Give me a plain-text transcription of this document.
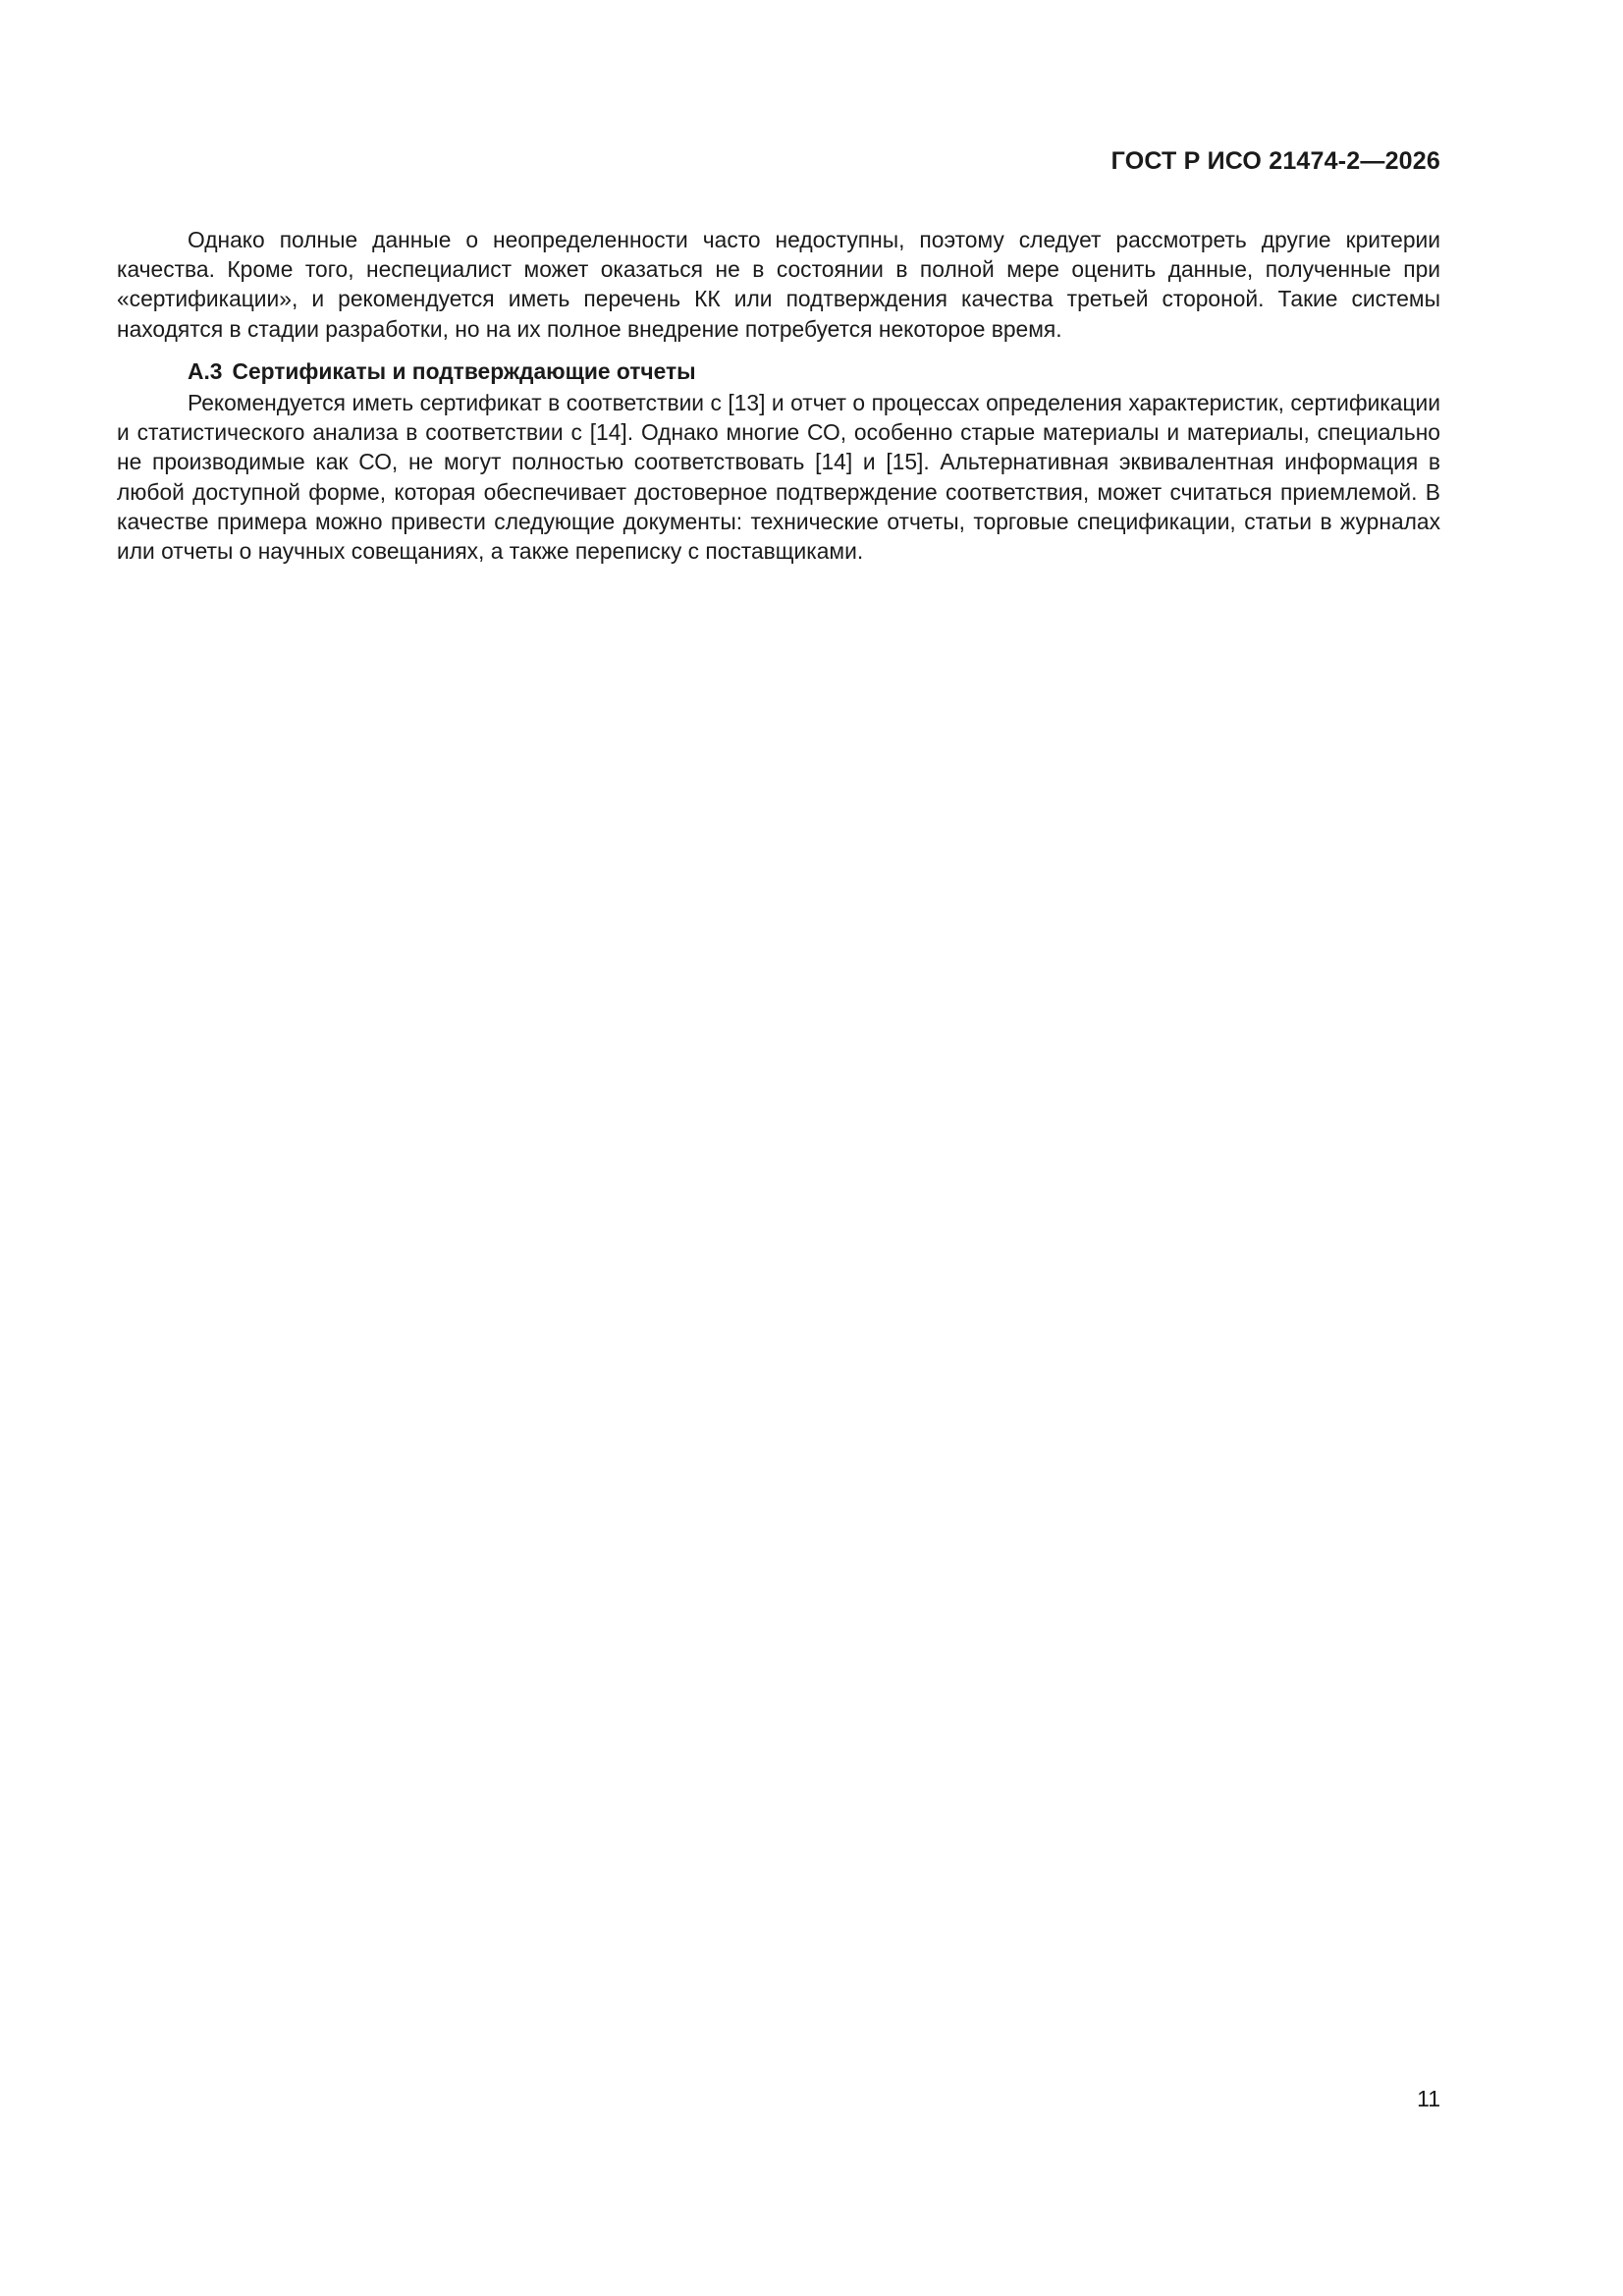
ГОСТ Р ИСО 21474-2—2026

Однако полные данные о неопределенности часто недоступны, поэтому следует рассмотреть другие критерии качества. Кроме того, неспециалист может оказаться не в состоянии в полной мере оценить данные, полученные при «сертификации», и рекомендуется иметь перечень КК или подтверждения качества третьей стороной. Такие системы находятся в стадии разработки, но на их полное внедрение потребуется некоторое время.

A.3 Сертификаты и подтверждающие отчеты

Рекомендуется иметь сертификат в соответствии с [13] и отчет о процессах определения характеристик, сертификации и статистического анализа в соответствии с [14]. Однако многие СО, особенно старые материалы и материалы, специально не производимые как СО, не могут полностью соответствовать [14] и [15]. Альтернативная эквивалентная информация в любой доступной форме, которая обеспечивает достоверное подтверждение соответствия, может считаться приемлемой. В качестве примера можно привести следующие документы: технические отчеты, торговые спецификации, статьи в журналах или отчеты о научных совещаниях, а также переписку с поставщиками.

11
